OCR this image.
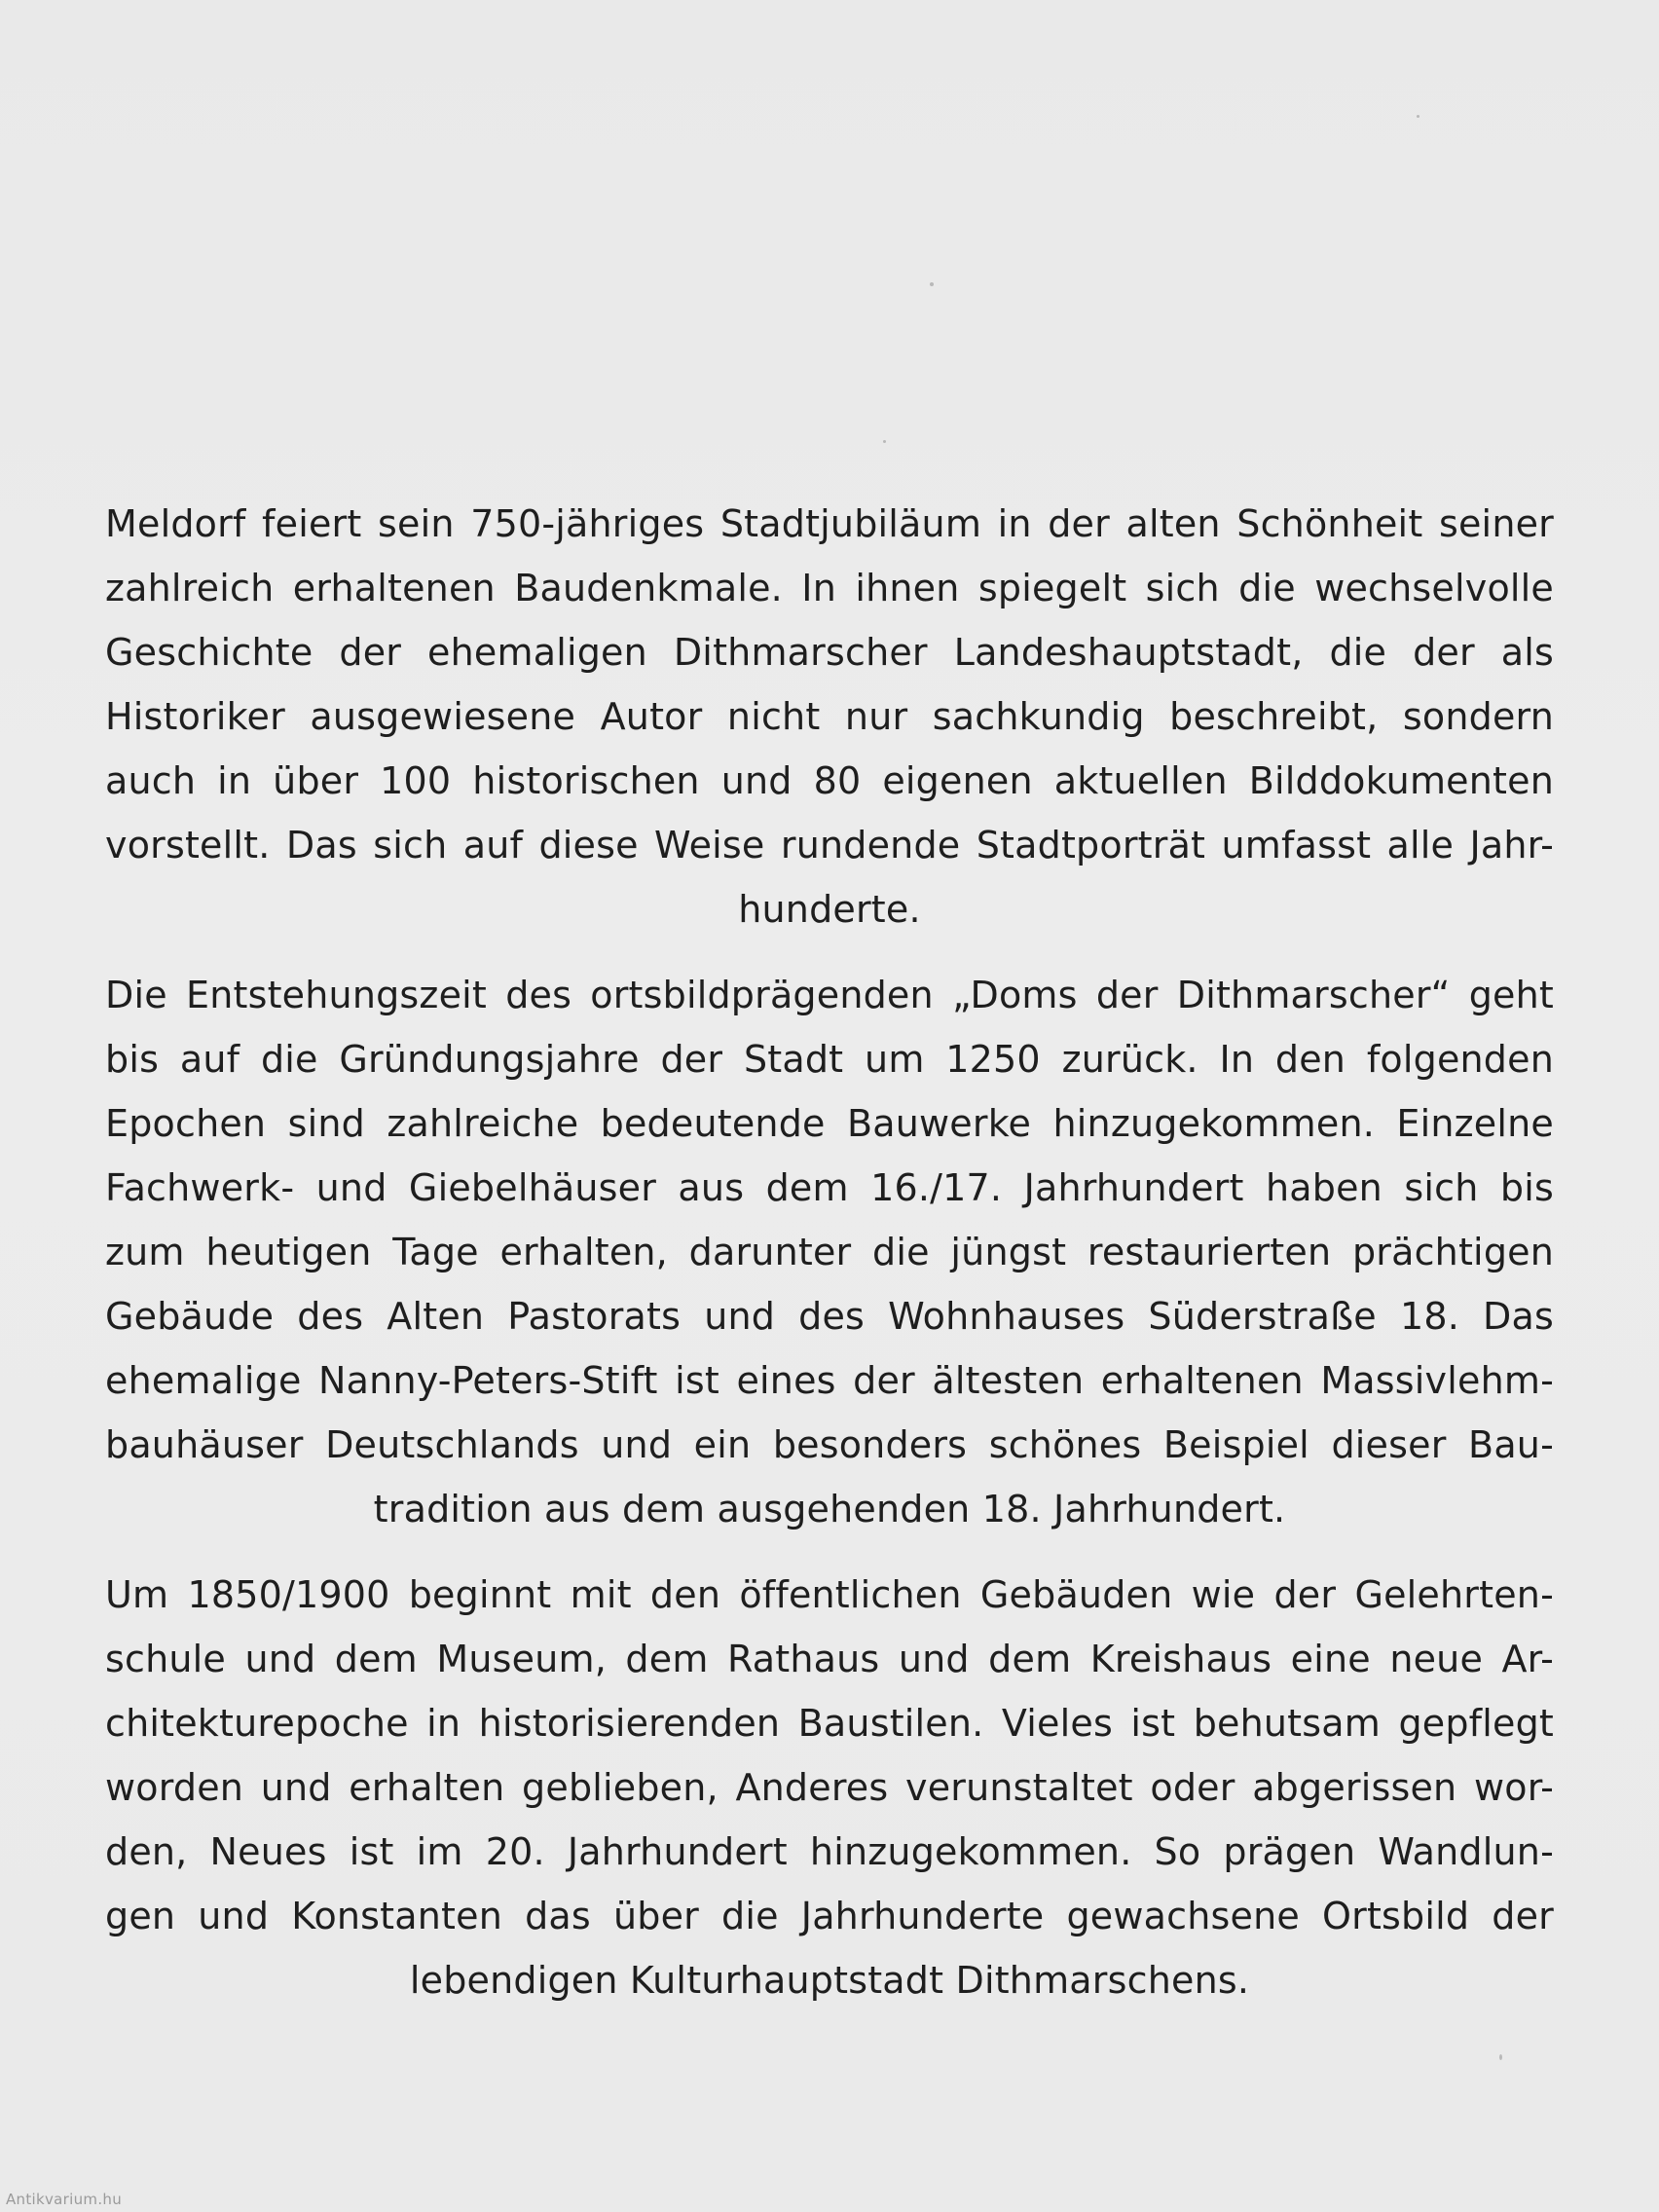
Meldorf feiert sein 750-jähriges Stadtjubiläum in der alten Schönheit seiner
zahlreich erhaltenen Baudenkmale. In ihnen spiegelt sich die wechselvolle
Geschichte der ehemaligen Dithmarscher Landeshauptstadt, die der als
Historiker ausgewiesene Autor nicht nur sachkundig beschreibt, sondern
auch in über 100 historischen und 80 eigenen aktuellen Bilddokumenten
vorstellt. Das sich auf diese Weise rundende Stadtporträt umfasst alle Jahr-
hunderte.

Die Entstehungszeit des ortsbildprägenden „Doms der Dithmarscher“ geht
bis auf die Gründungsjahre der Stadt um 1250 zurück. In den folgenden
Epochen sind zahlreiche bedeutende Bauwerke hinzugekommen. Einzelne
Fachwerk- und Giebelhäuser aus dem 16./17. Jahrhundert haben sich bis
zum heutigen Tage erhalten, darunter die jüngst restaurierten prächtigen
Gebäude des Alten Pastorats und des Wohnhauses Süderstraße 18. Das
ehemalige Nanny-Peters-Stift ist eines der ältesten erhaltenen Massivlehm-
bauhäuser Deutschlands und ein besonders schönes Beispiel dieser Bau-
tradition aus dem ausgehenden 18. Jahrhundert.

Um 1850/1900 beginnt mit den öffentlichen Gebäuden wie der Gelehrten-
schule und dem Museum, dem Rathaus und dem Kreishaus eine neue Ar-
chitekturepoche in historisierenden Baustilen. Vieles ist behutsam gepflegt
worden und erhalten geblieben, Anderes verunstaltet oder abgerissen wor-
den, Neues ist im 20. Jahrhundert hinzugekommen. So prägen Wandlun-
gen und Konstanten das über die Jahrhunderte gewachsene Ortsbild der
lebendigen Kulturhauptstadt Dithmarschens.

Antikvarium.hu
